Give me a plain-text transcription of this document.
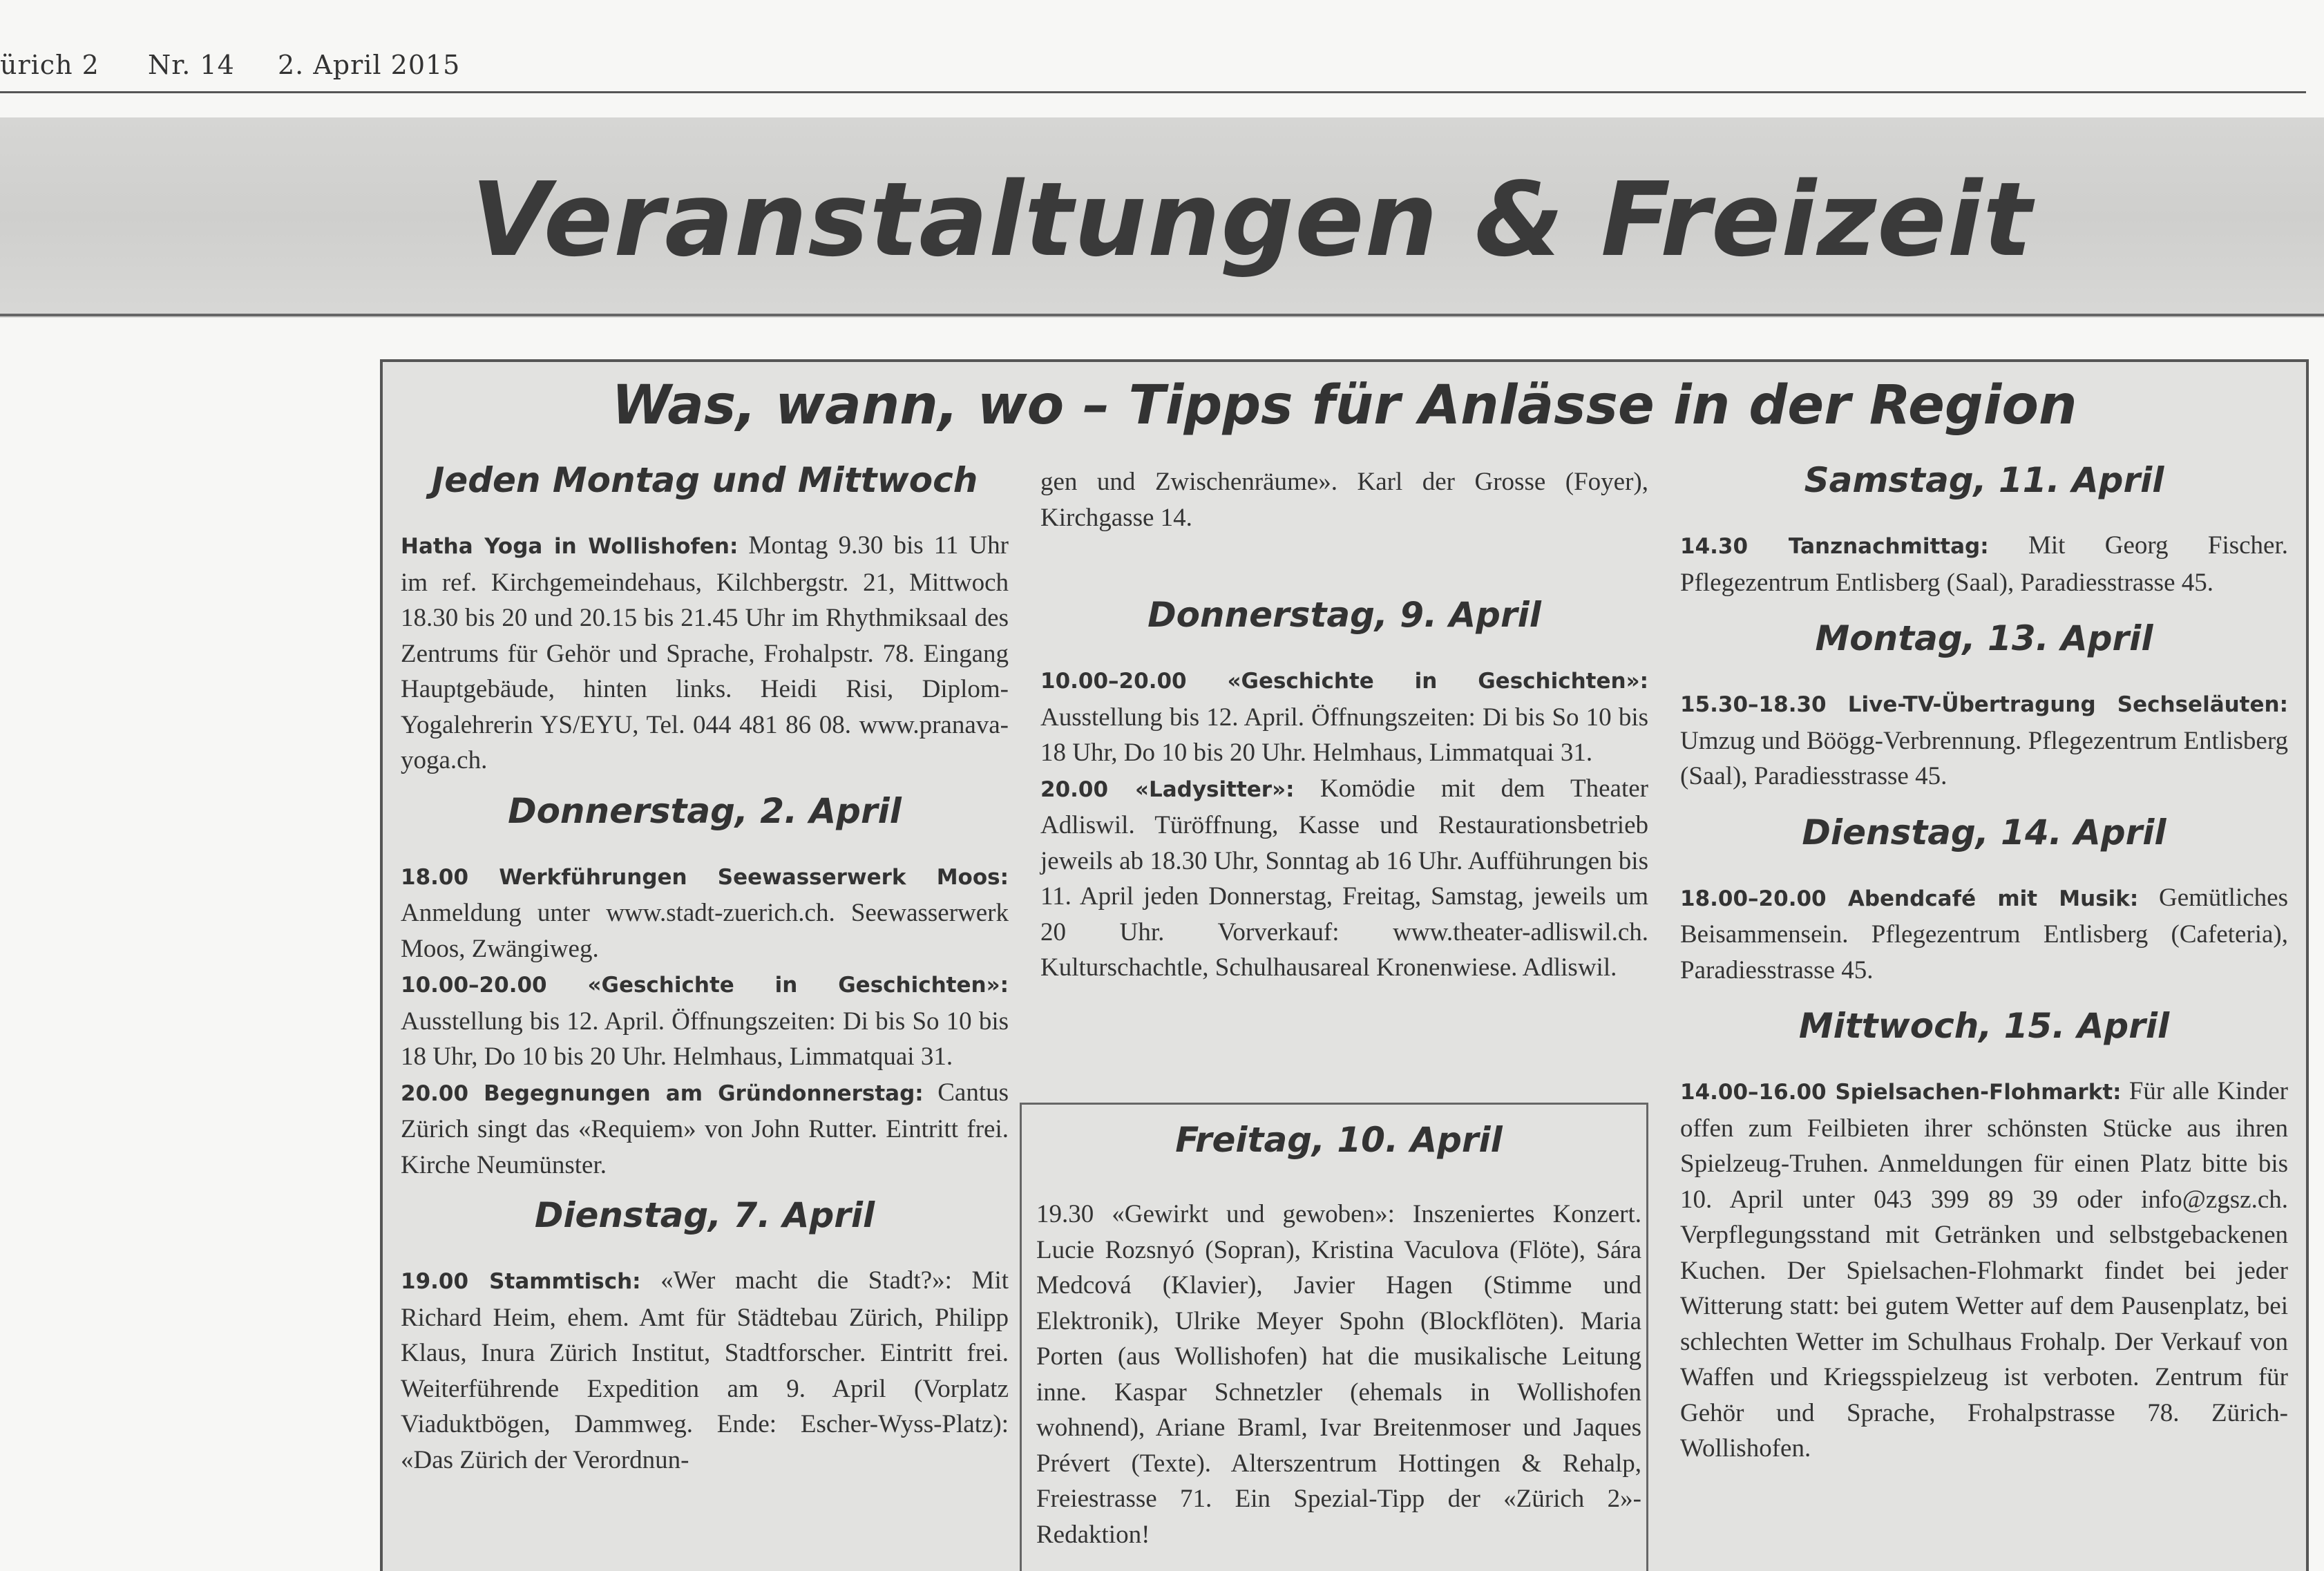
ürich 2 Nr. 14 2. April 2015
Veranstaltungen & Freizeit
Was, wann, wo – Tipps für Anlässe in der Region

Jeden Montag und Mittwoch

Hatha Yoga in Wollishofen: Montag 9.30 bis 11 Uhr im ref. Kirchgemeindehaus, Kilchbergstr. 21, Mittwoch 18.30 bis 20 und 20.15 bis 21.45 Uhr im Rhythmiksaal des Zentrums für Gehör und Sprache, Frohalpstr. 78. Eingang Hauptgebäude, hinten links. Heidi Risi, Diplom-Yogalehrerin YS/EYU, Tel. 044 481 86 08. www.pranava-yoga.ch.

Donnerstag, 2. April

18.00 Werkführungen Seewasserwerk Moos: Anmeldung unter www.stadt-zuerich.ch. Seewasserwerk Moos, Zwängiweg.

10.00–20.00 «Geschichte in Geschichten»: Ausstellung bis 12. April. Öffnungszeiten: Di bis So 10 bis 18 Uhr, Do 10 bis 20 Uhr. Helmhaus, Limmatquai 31.

20.00 Begegnungen am Gründonnerstag: Cantus Zürich singt das «Requiem» von John Rutter. Eintritt frei. Kirche Neumünster.

Dienstag, 7. April

19.00 Stammtisch: «Wer macht die Stadt?»: Mit Richard Heim, ehem. Amt für Städtebau Zürich, Philipp Klaus, Inura Zürich Institut, Stadtforscher. Eintritt frei. Weiterführende Expedition am 9. April (Vorplatz Viaduktbögen, Dammweg. Ende: Escher-Wyss-Platz): «Das Zürich der Verordnun-

gen und Zwischenräume». Karl der Grosse (Foyer), Kirchgasse 14.

Donnerstag, 9. April

10.00–20.00 «Geschichte in Geschichten»: Ausstellung bis 12. April. Öffnungszeiten: Di bis So 10 bis 18 Uhr, Do 10 bis 20 Uhr. Helmhaus, Limmatquai 31.

20.00 «Ladysitter»: Komödie mit dem Theater Adliswil. Türöffnung, Kasse und Restaurationsbetrieb jeweils ab 18.30 Uhr, Sonntag ab 16 Uhr. Aufführungen bis 11. April jeden Donnerstag, Freitag, Samstag, jeweils um 20 Uhr. Vorverkauf: www.theater-adliswil.ch. Kulturschachtle, Schulhausareal Kronenwiese. Adliswil.

Freitag, 10. April

19.30 «Gewirkt und gewoben»: Inszeniertes Konzert. Lucie Rozsnyó (Sopran), Kristina Vaculova (Flöte), Sára Medcová (Klavier), Javier Hagen (Stimme und Elektronik), Ulrike Meyer Spohn (Blockflöten). Maria Porten (aus Wollishofen) hat die musikalische Leitung inne. Kaspar Schnetzler (ehemals in Wollishofen wohnend), Ariane Braml, Ivar Breitenmoser und Jaques Prévert (Texte). Alterszentrum Hottingen & Rehalp, Freiestrasse 71. Ein Spezial-Tipp der «Zürich 2»-Redaktion!

Samstag, 11. April

14.30 Tanznachmittag: Mit Georg Fischer. Pflegezentrum Entlisberg (Saal), Paradiesstrasse 45.

Montag, 13. April

15.30–18.30 Live-TV-Übertragung Sechseläuten: Umzug und Böögg-Verbrennung. Pflegezentrum Entlisberg (Saal), Paradiesstrasse 45.

Dienstag, 14. April

18.00–20.00 Abendcafé mit Musik: Gemütliches Beisammensein. Pflegezentrum Entlisberg (Cafeteria), Paradiesstrasse 45.

Mittwoch, 15. April

14.00–16.00 Spielsachen-Flohmarkt: Für alle Kinder offen zum Feilbieten ihrer schönsten Stücke aus ihren Spielzeug-Truhen. Anmeldungen für einen Platz bitte bis 10. April unter 043 399 89 39 oder info@zgsz.ch. Verpflegungsstand mit Getränken und selbstgebackenen Kuchen. Der Spielsachen-Flohmarkt findet bei jeder Witterung statt: bei gutem Wetter auf dem Pausenplatz, bei schlechten Wetter im Schulhaus Frohalp. Der Verkauf von Waffen und Kriegsspielzeug ist verboten. Zentrum für Gehör und Sprache, Frohalpstrasse 78. Zürich-Wollishofen.
